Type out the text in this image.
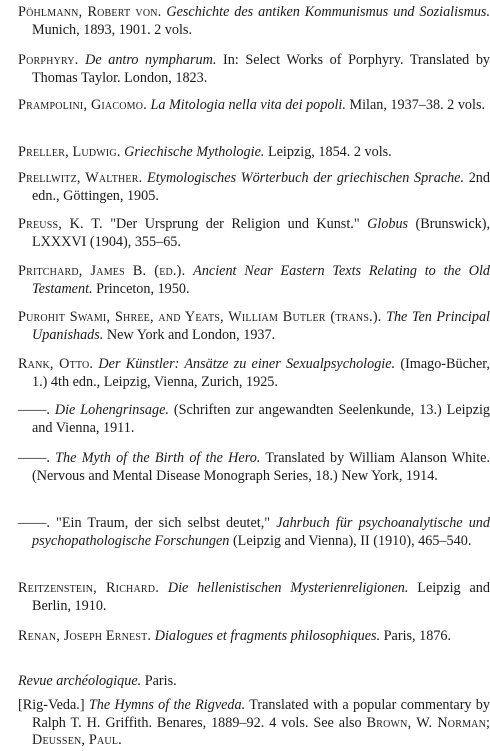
Pöhlmann, Robert von. Geschichte des antiken Kommunismus und Sozialismus. Munich, 1893, 1901. 2 vols.
Porphyry. De antro nympharum. In: Select Works of Porphyry. Translated by Thomas Taylor. London, 1823.
Prampolini, Giacomo. La Mitologia nella vita dei popoli. Milan, 1937–38. 2 vols.
Preller, Ludwig. Griechische Mythologie. Leipzig, 1854. 2 vols.
Prellwitz, Walther. Etymologisches Wörterbuch der griechischen Sprache. 2nd edn., Göttingen, 1905.
Preuss, K. T. "Der Ursprung der Religion und Kunst." Globus (Brunswick), LXXXVI (1904), 355–65.
Pritchard, James B. (ed.). Ancient Near Eastern Texts Relating to the Old Testament. Princeton, 1950.
Purohit Swami, Shree, and Yeats, William Butler (trans.). The Ten Principal Upanishads. New York and London, 1937.
Rank, Otto. Der Künstler: Ansätze zu einer Sexualpsychologie. (Imago-Bücher, 1.) 4th edn., Leipzig, Vienna, Zurich, 1925.
——. Die Lohengrinsage. (Schriften zur angewandten Seelenkunde, 13.) Leipzig and Vienna, 1911.
——. The Myth of the Birth of the Hero. Translated by William Alanson White. (Nervous and Mental Disease Monograph Series, 18.) New York, 1914.
——. "Ein Traum, der sich selbst deutet," Jahrbuch für psychoanalytische und psychopathologische Forschungen (Leipzig and Vienna), II (1910), 465–540.
Reitzenstein, Richard. Die hellenistischen Mysterienreligionen. Leipzig and Berlin, 1910.
Renan, Joseph Ernest. Dialogues et fragments philosophiques. Paris, 1876.
Revue archéologique. Paris.
[Rig-Veda.] The Hymns of the Rigveda. Translated with a popular commentary by Ralph T. H. Griffith. Benares, 1889–92. 4 vols. See also Brown, W. Norman; Deussen, Paul.
